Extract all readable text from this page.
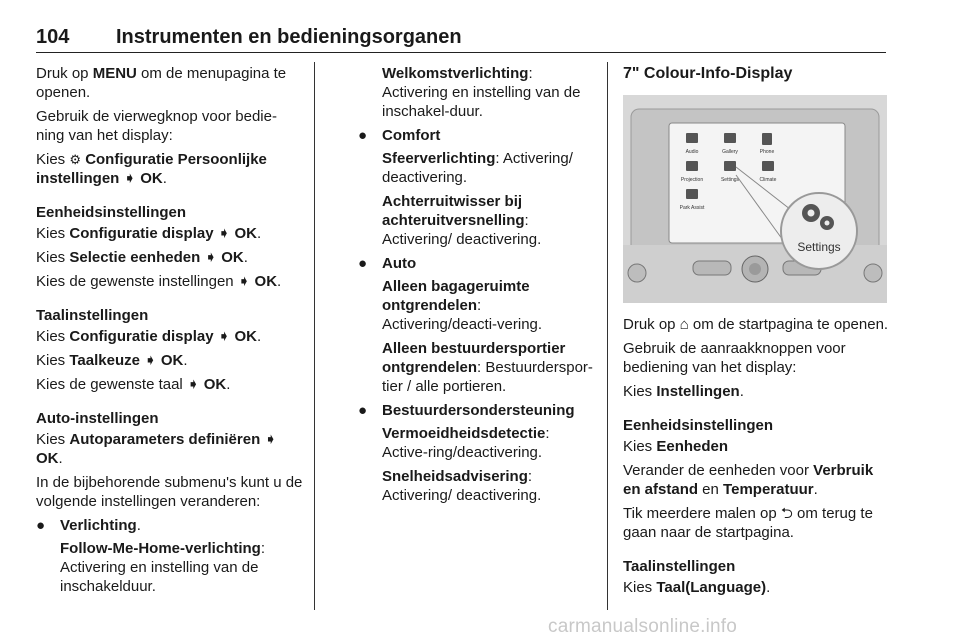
104 Instrumenten en bedieningsorganen

Druk op MENU om de menupagina te openen.

Gebruik de vierwegknop voor bedie-ning van het display:

Kies ⚙ Configuratie Persoonlijke instellingen ➧ OK.

Eenheidsinstellingen

Kies Configuratie display ➧ OK.

Kies Selectie eenheden ➧ OK.

Kies de gewenste instellingen ➧ OK.

Taalinstellingen

Kies Configuratie display ➧ OK.

Kies Taalkeuze ➧ OK.

Kies de gewenste taal ➧ OK.

Auto-instellingen

Kies Autoparameters definiëren ➧ OK.

In de bijbehorende submenu's kunt u de volgende instellingen veranderen:

● Verlichting.

Follow-Me-Home-verlichting: Activering en instelling van de inschakelduur.

Welkomstverlichting: Activering en instelling van de inschakel-duur.

● Comfort

Sfeerverlichting: Activering/ deactivering.

Achterruitwisser bij achteruitversnelling: Activering/ deactivering.

● Auto

Alleen bagageruimte ontgrendelen: Activering/deacti-vering.

Alleen bestuurdersportier ontgrendelen: Bestuurderspor-tier / alle portieren.

● Bestuurdersondersteuning

Vermoeidheidsdetectie: Active-ring/deactivering.

Snelheidsadvisering: Activering/ deactivering.

7" Colour-Info-Display
Audio	Gallery	Phone
Projection	Settings	Climate
Park Assist
Settings

Druk op ⌂ om de startpagina te openen.

Gebruik de aanraakknoppen voor bediening van het display:

Kies Instellingen.

Eenheidsinstellingen

Kies Eenheden

Verander de eenheden voor Verbruik en afstand en Temperatuur.

Tik meerdere malen op ⮌ om terug te gaan naar de startpagina.

Taalinstellingen

Kies Taal(Language).

carmanualsonline.info
